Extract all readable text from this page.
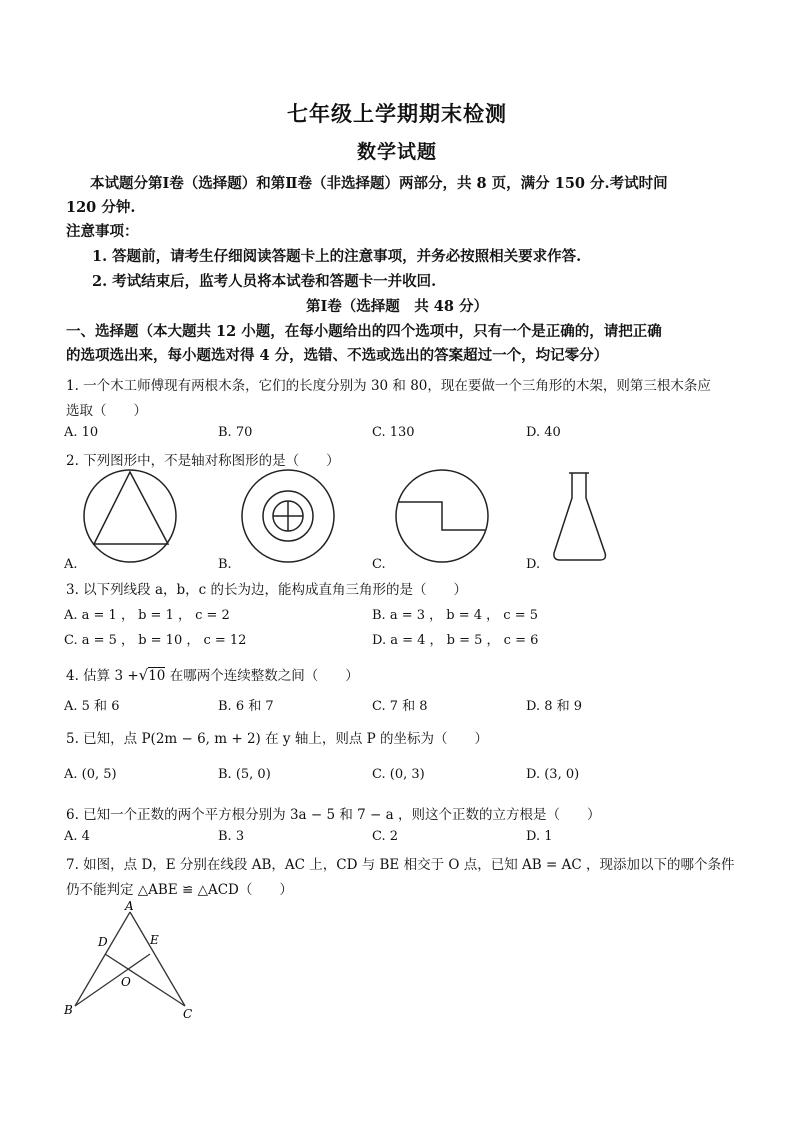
七年级上学期期末检测
数学试题
本试题分第Ⅰ卷（选择题）和第Ⅱ卷（非选择题）两部分，共 8 页，满分 150 分.考试时间
120 分钟.
注意事项：
1. 答题前，请考生仔细阅读答题卡上的注意事项，并务必按照相关要求作答.
2. 考试结束后，监考人员将本试卷和答题卡一并收回.
第Ⅰ卷（选择题　共 48 分）
一、选择题（本大题共 12 小题，在每小题给出的四个选项中，只有一个是正确的，请把正确
的选项选出来，每小题选对得 4 分，选错、不选或选出的答案超过一个，均记零分）
1. 一个木工师傅现有两根木条，它们的长度分别为 30 和 80，现在要做一个三角形的木架，则第三根木条应
选取（　　）
A. 10	B. 70	C. 130	D. 40
2. 下列图形中，不是轴对称图形的是（　　）
A.	B.	C.	D.
3. 以下列线段 a，b，c 的长为边，能构成直角三角形的是（　　）
A. a = 1 ， b = 1 ， c = 2	B. a = 3 ， b = 4 ， c = 5
C. a = 5 ， b = 10 ， c = 12	D. a = 4 ， b = 5 ， c = 6
4. 估算 3 +√10 在哪两个连续整数之间（　　）
A. 5 和 6	B. 6 和 7	C. 7 和 8	D. 8 和 9
5. 已知，点 P(2m − 6, m + 2) 在 y 轴上，则点 P 的坐标为（　　）
A. (0, 5)	B. (5, 0)	C. (0, 3)	D. (3, 0)
6. 已知一个正数的两个平方根分别为 3a − 5 和 7 − a ，则这个正数的立方根是（　　）
A. 4	B. 3	C. 2	D. 1
7. 如图，点 D，E 分别在线段 AB，AC 上，CD 与 BE 相交于 O 点，已知 AB = AC ，现添加以下的哪个条件
仍不能判定 △ABE ≌ △ACD（　　）
A
D	E
O
B	C
